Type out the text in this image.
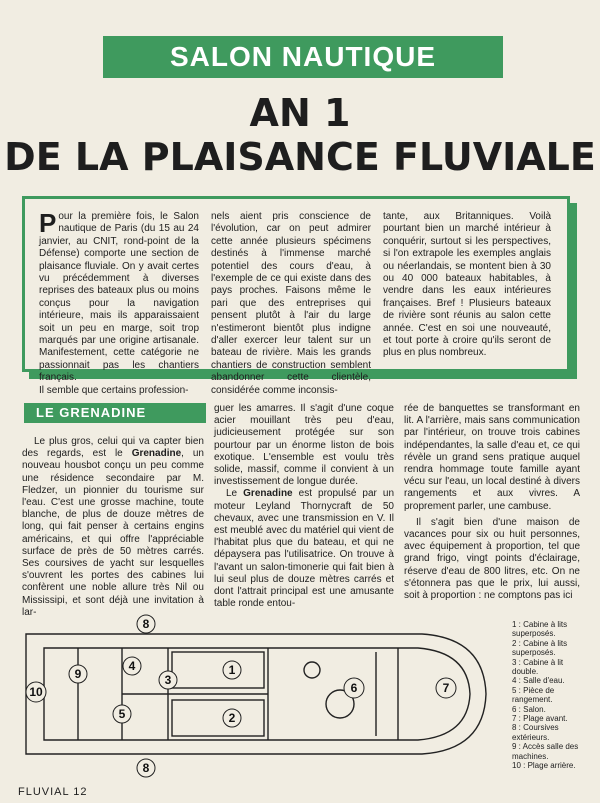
SALON NAUTIQUE
AN 1
DE LA PLAISANCE FLUVIALE

Pour la première fois, le Salon nautique de Paris (du 15 au 24 janvier, au CNIT, rond-point de la Défense) comporte une section de plaisance fluviale. On y avait certes vu précédemment à diverses reprises des bateaux plus ou moins conçus pour la navigation intérieure, mais ils apparaissaient soit un peu en marge, soit trop marqués par une origine artisanale. Manifestement, cette catégorie ne passionnait pas les chantiers français.

Il semble que certains profession-

nels aient pris conscience de l'évolution, car on peut admirer cette année plusieurs spécimens destinés à l'immense marché potentiel des cours d'eau, à l'exemple de ce qui existe dans des pays proches. Faisons même le pari que des entreprises qui pensent plutôt à l'air du large n'estimeront bientôt plus indigne d'aller exercer leur talent sur un bateau de rivière. Mais les grands chantiers de construction semblent abandonner cette clientèle, considérée comme inconsis-

tante, aux Britanniques. Voilà pourtant bien un marché intérieur à conquérir, surtout si les perspectives, si l'on extrapole les exemples anglais ou néerlandais, se montent bien à 30 ou 40 000 bateaux habitables, à vendre dans les eaux intérieures françaises. Bref ! Plusieurs bateaux de rivière sont réunis au salon cette année. C'est en soi une nouveauté, et tout porte à croire qu'ils seront de plus en plus nombreux.

LE GRENADINE

Le plus gros, celui qui va capter bien des regards, est le Grenadine, un nouveau housbot conçu un peu comme une résidence secondaire par M. Fledzer, un pionnier du tourisme sur l'eau. C'est une grosse machine, toute blanche, de plus de douze mètres de long, qui fait penser à certains engins américains, et qui offre l'appréciable surface de près de 50 mètres carrés. Ses coursives de yacht sur lesquelles s'ouvrent les portes des cabines lui confèrent une noble allure très Nil ou Mississipi, et sont déjà une invitation à lar-

guer les amarres. Il s'agit d'une coque acier mouillant très peu d'eau, judicieusement protégée sur son pourtour par un énorme liston de bois exotique. L'ensemble est voulu très solide, massif, comme il convient à un investissement de longue durée.

Le Grenadine est propulsé par un moteur Leyland Thornycraft de 50 chevaux, avec une transmission en V. Il est meublé avec du matériel qui vient de l'habitat plus que du bateau, et qui ne dépaysera pas l'utilisatrice. On trouve à l'avant un salon-timonerie qui fait bien à lui seul plus de douze mètres carrés et dont l'attrait principal est une amusante table ronde entou-

rée de banquettes se transformant en lit. A l'arrière, mais sans communication par l'intérieur, on trouve trois cabines indépendantes, la salle d'eau et, ce qui révèle un grand sens pratique auquel rendra hommage toute famille ayant vécu sur l'eau, un local destiné à divers rangements et aux vivres. A proprement parler, une cambuse.

Il s'agit bien d'une maison de vacances pour six ou huit personnes, avec équipement à proportion, tel que grand frigo, vingt points d'éclairage, réserve d'eau de 800 litres, etc. On ne s'étonnera pas que le prix, lui aussi, soit à proportion : ne comptons pas ici

8
1
2
3
4
5
6	7
8
9
10
1 : Cabine à lits superposés.
2 : Cabine à lits superposés.
3 : Cabine à lit double.
4 : Salle d'eau.
5 : Pièce de rangement.
6 : Salon.
7 : Plage avant.
8 : Coursives extérieurs.
9 : Accès salle des machines.
10 : Plage arrière.
FLUVIAL 12
